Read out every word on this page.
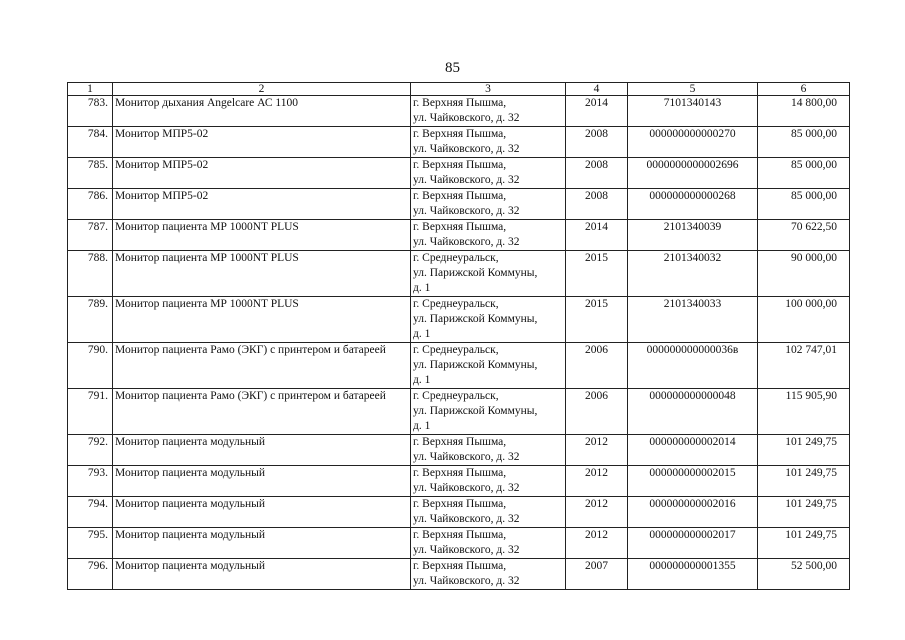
85
1	2	3	4	5	6
783.	Монитор дыхания Angelcare АС 1100	г. Верхняя Пышма,
ул. Чайковского, д. 32	2014	7101340143	14 800,00
784.	Монитор МПР5-02	г. Верхняя Пышма,
ул. Чайковского, д. 32	2008	000000000000270	85 000,00
785.	Монитор МПР5-02	г. Верхняя Пышма,
ул. Чайковского, д. 32	2008	0000000000002696	85 000,00
786.	Монитор МПР5-02	г. Верхняя Пышма,
ул. Чайковского, д. 32	2008	000000000000268	85 000,00
787.	Монитор пациента МР 1000NT PLUS	г. Верхняя Пышма,
ул. Чайковского, д. 32	2014	2101340039	70 622,50
788.	Монитор пациента МР 1000NT PLUS	г. Среднеуральск,
ул. Парижской Коммуны,
д. 1	2015	2101340032	90 000,00
789.	Монитор пациента МР 1000NT PLUS	г. Среднеуральск,
ул. Парижской Коммуны,
д. 1	2015	2101340033	100 000,00
790.	Монитор пациента Рамо (ЭКГ) с принтером и батареей	г. Среднеуральск,
ул. Парижской Коммуны,
д. 1	2006	000000000000036в	102 747,01
791.	Монитор пациента Рамо (ЭКГ) с принтером и батареей	г. Среднеуральск,
ул. Парижской Коммуны,
д. 1	2006	000000000000048	115 905,90
792.	Монитор пациента модульный	г. Верхняя Пышма,
ул. Чайковского, д. 32	2012	000000000002014	101 249,75
793.	Монитор пациента модульный	г. Верхняя Пышма,
ул. Чайковского, д. 32	2012	000000000002015	101 249,75
794.	Монитор пациента модульный	г. Верхняя Пышма,
ул. Чайковского, д. 32	2012	000000000002016	101 249,75
795.	Монитор пациента модульный	г. Верхняя Пышма,
ул. Чайковского, д. 32	2012	000000000002017	101 249,75
796.	Монитор пациента модульный	г. Верхняя Пышма,
ул. Чайковского, д. 32	2007	000000000001355	52 500,00
